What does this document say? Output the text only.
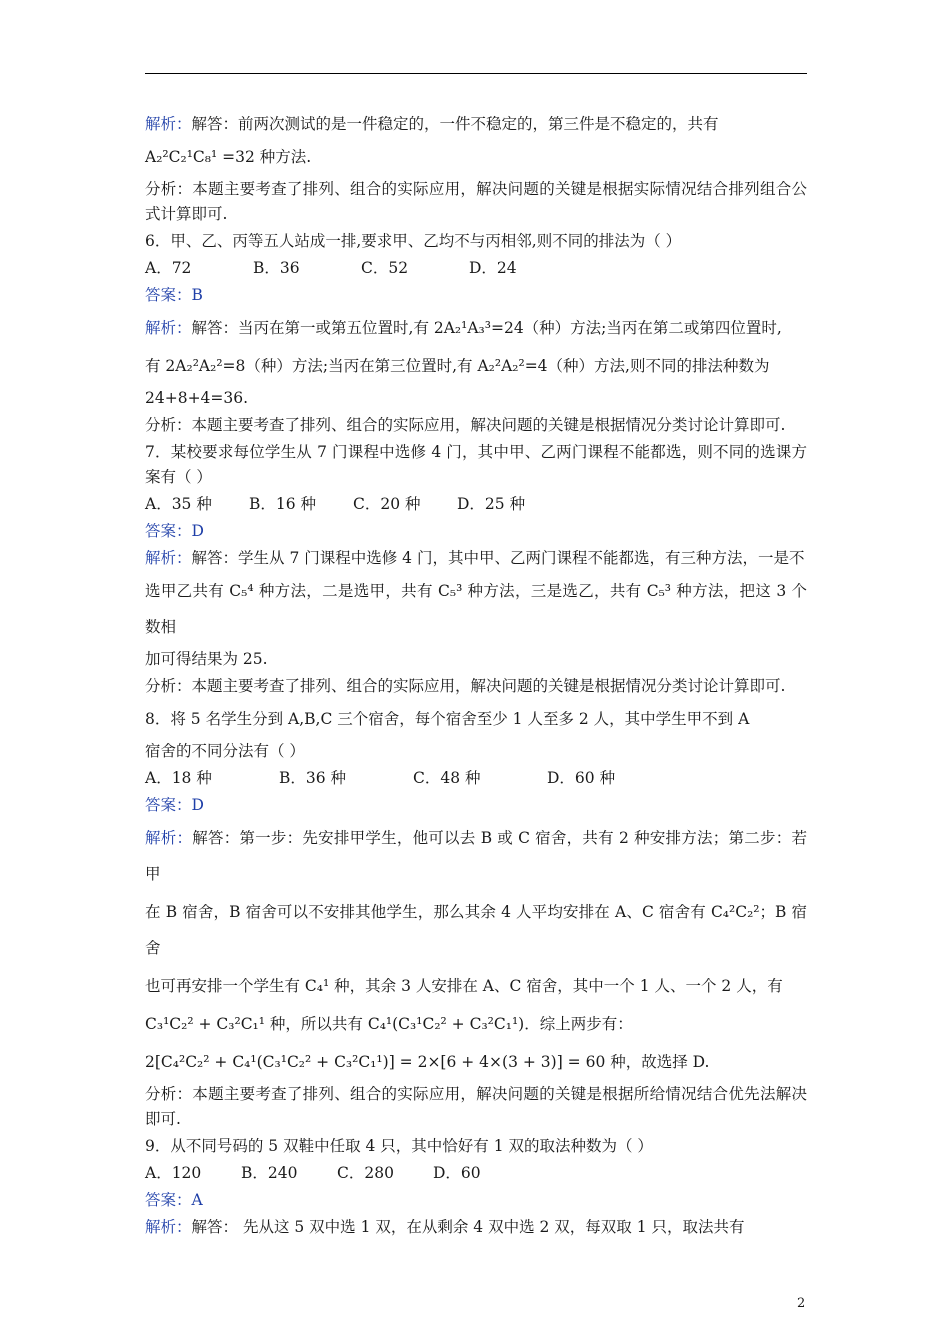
解析：解答：前两次测试的是一件稳定的，一件不稳定的，第三件是不稳定的，共有

A₂²C₂¹C₈¹ =32 种方法.

分析：本题主要考查了排列、组合的实际应用，解决问题的关键是根据实际情况结合排列组合公式计算即可.

6．甲、乙、丙等五人站成一排,要求甲、乙均不与丙相邻,则不同的排法为（ ）

A．72	B．36	C．52	D．24

答案：B

解析：解答：当丙在第一或第五位置时,有 2A₂¹A₃³=24（种）方法;当丙在第二或第四位置时,

有 2A₂²A₂²=8（种）方法;当丙在第三位置时,有 A₂²A₂²=4（种）方法,则不同的排法种数为

24+8+4=36.

分析：本题主要考查了排列、组合的实际应用，解决问题的关键是根据情况分类讨论计算即可.

7．某校要求每位学生从 7 门课程中选修 4 门，其中甲、乙两门课程不能都选，则不同的选课方案有（ ）

A．35 种	B．16 种	C．20 种	D．25 种

答案：D

解析：解答：学生从 7 门课程中选修 4 门，其中甲、乙两门课程不能都选，有三种方法，一是不

选甲乙共有 C₅⁴ 种方法，二是选甲，共有 C₅³ 种方法，三是选乙，共有 C₅³ 种方法，把这 3 个数相

加可得结果为 25.

分析：本题主要考查了排列、组合的实际应用，解决问题的关键是根据情况分类讨论计算即可.

8．将 5 名学生分到 A,B,C 三个宿舍，每个宿舍至少 1 人至多 2 人，其中学生甲不到 A

宿舍的不同分法有（ ）

A．18 种	B．36 种	C．48 种	D．60 种

答案：D

解析：解答：第一步：先安排甲学生，他可以去 B 或 C 宿舍，共有 2 种安排方法；第二步：若甲

在 B 宿舍，B 宿舍可以不安排其他学生，那么其余 4 人平均安排在 A、C 宿舍有 C₄²C₂²；B 宿舍

也可再安排一个学生有 C₄¹ 种，其余 3 人安排在 A、C 宿舍，其中一个 1 人、一个 2 人，有

C₃¹C₂² + C₃²C₁¹ 种，所以共有 C₄¹(C₃¹C₂² + C₃²C₁¹)．综上两步有：

2[C₄²C₂² + C₄¹(C₃¹C₂² + C₃²C₁¹)] = 2×[6 + 4×(3 + 3)] = 60 种，故选择 D.

分析：本题主要考查了排列、组合的实际应用，解决问题的关键是根据所给情况结合优先法解决即可.

9．从不同号码的 5 双鞋中任取 4 只，其中恰好有 1 双的取法种数为（ ）

A．120	B．240	C．280	D．60

答案：A

解析：解答： 先从这 5 双中选 1 双，在从剩余 4 双中选 2 双，每双取 1 只，取法共有

2
